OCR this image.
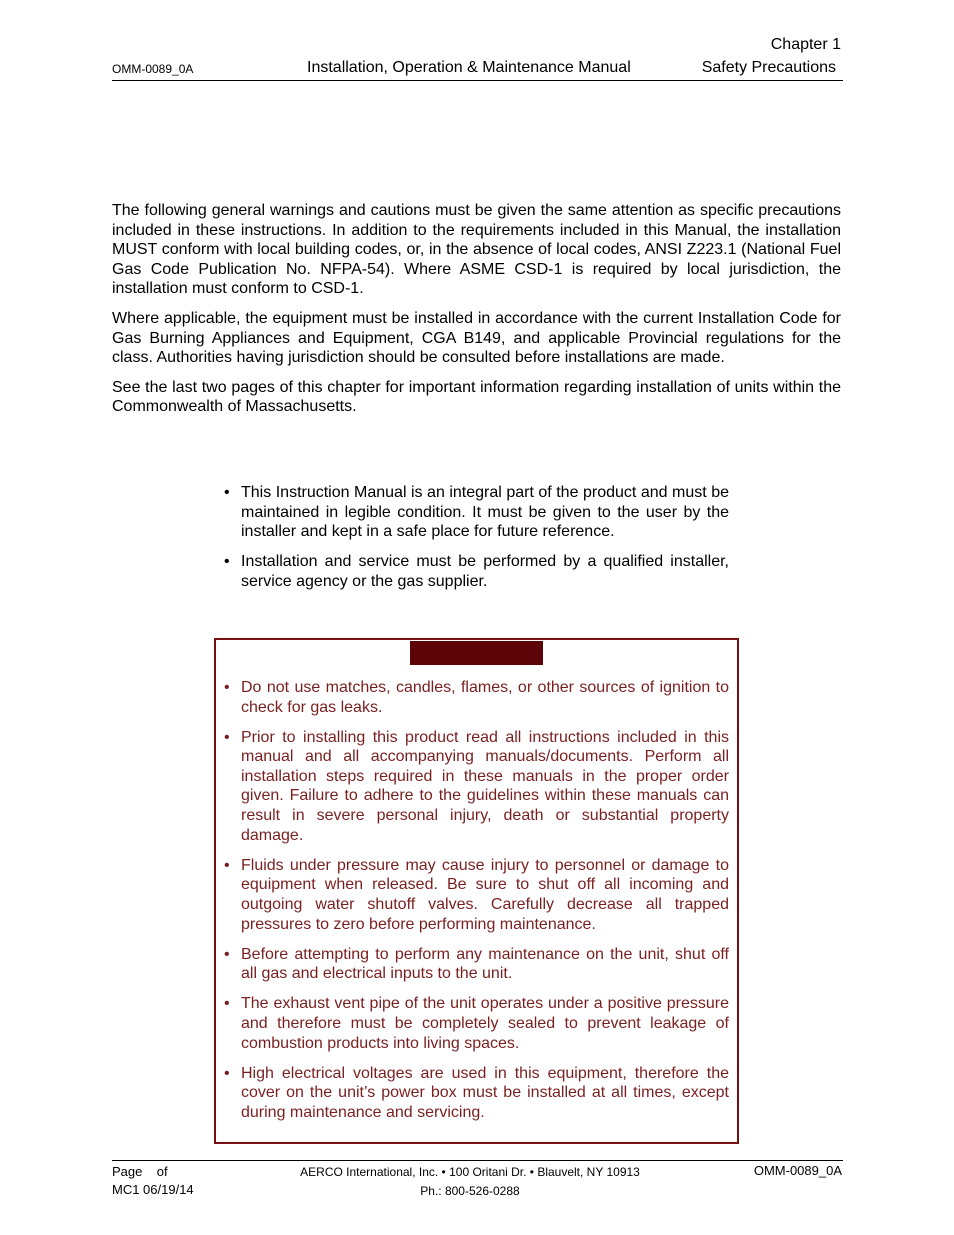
Chapter 1
OMM-0089_0A	Installation, Operation & Maintenance Manual	Safety Precautions

The following general warnings and cautions must be given the same attention as specific precautions included in these instructions. In addition to the requirements included in this Manual, the installation MUST conform with local building codes, or, in the absence of local codes, ANSI Z223.1 (National Fuel Gas Code Publication No. NFPA-54). Where ASME CSD-1 is required by local jurisdiction, the installation must conform to CSD-1.

Where applicable, the equipment must be installed in accordance with the current Installation Code for Gas Burning Appliances and Equipment, CGA B149, and applicable Provincial regulations for the class. Authorities having jurisdiction should be consulted before installations are made.

See the last two pages of this chapter for important information regarding installation of units within the Commonwealth of Massachusetts.

• This Instruction Manual is an integral part of the product and must be maintained in legible condition. It must be given to the user by the installer and kept in a safe place for future reference.
• Installation and service must be performed by a qualified installer, service agency or the gas supplier.
• Do not use matches, candles, flames, or other sources of ignition to check for gas leaks.
• Prior to installing this product read all instructions included in this manual and all accompanying manuals/documents. Perform all installation steps required in these manuals in the proper order given. Failure to adhere to the guidelines within these manuals can result in severe personal injury, death or substantial property damage.
• Fluids under pressure may cause injury to personnel or damage to equipment when released. Be sure to shut off all incoming and outgoing water shutoff valves. Carefully decrease all trapped pressures to zero before performing maintenance.
• Before attempting to perform any maintenance on the unit, shut off all gas and electrical inputs to the unit.
• The exhaust vent pipe of the unit operates under a positive pressure and therefore must be completely sealed to prevent leakage of combustion products into living spaces.
• High electrical voltages are used in this equipment, therefore the cover on the unit’s power box must be installed at all times, except during maintenance and servicing.
Page    of
MC1 06/19/14
AERCO International, Inc. • 100 Oritani Dr. • Blauvelt, NY 10913
Ph.: 800-526-0288
OMM-0089_0A
